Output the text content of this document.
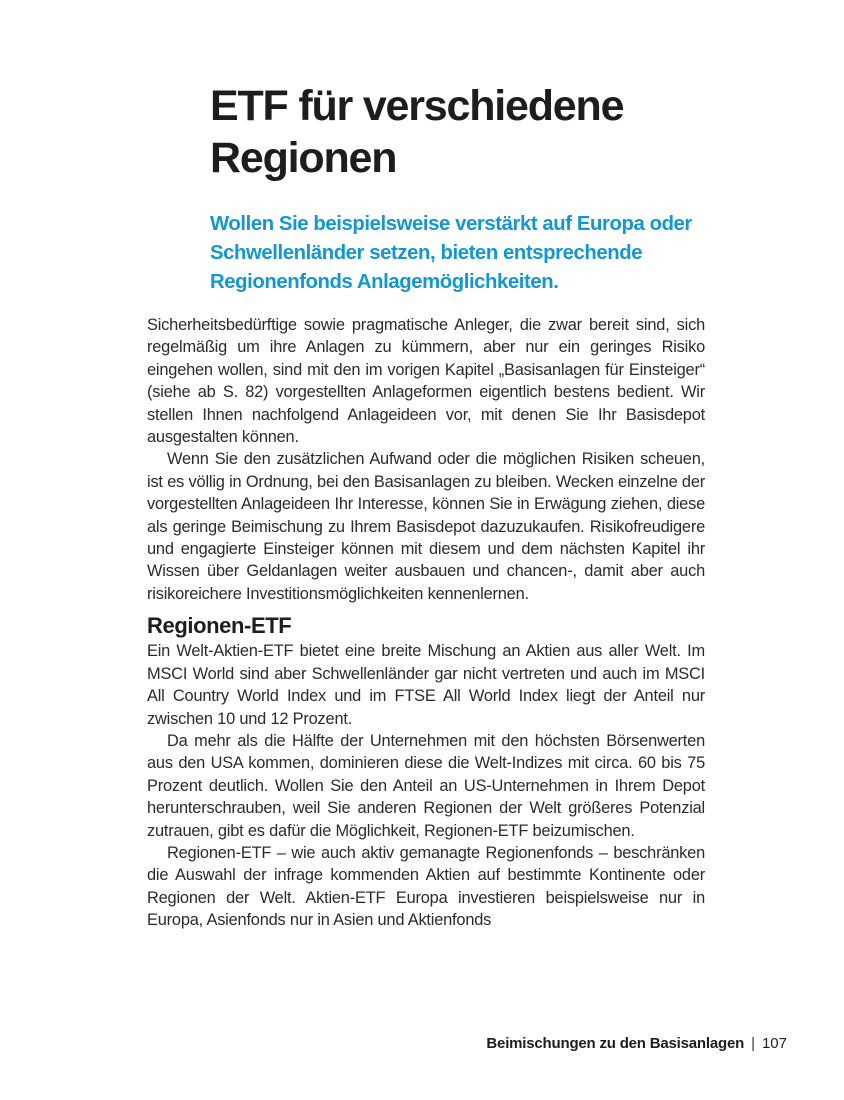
ETF für verschiedene Regionen

Wollen Sie beispielsweise verstärkt auf Europa oder Schwellenländer setzen, bieten entsprechende Regionenfonds Anlagemöglichkeiten.

Sicherheitsbedürftige sowie pragmatische Anleger, die zwar bereit sind, sich regelmäßig um ihre Anlagen zu kümmern, aber nur ein geringes Risiko eingehen wollen, sind mit den im vorigen Kapitel „Basisanlagen für Einsteiger“ (siehe ab S. 82) vorgestellten Anlageformen eigentlich bestens bedient. Wir stellen Ihnen nachfolgend Anlageideen vor, mit denen Sie Ihr Basisdepot ausgestalten können.

Wenn Sie den zusätzlichen Aufwand oder die möglichen Risiken scheuen, ist es völlig in Ordnung, bei den Basisanlagen zu bleiben. Wecken einzelne der vorgestellten Anlageideen Ihr Interesse, können Sie in Erwägung ziehen, diese als geringe Beimischung zu Ihrem Basisdepot dazuzukaufen. Risikofreudigere und engagierte Einsteiger können mit diesem und dem nächsten Kapitel ihr Wissen über Geldanlagen weiter ausbauen und chancen-, damit aber auch risikoreichere Investitionsmöglichkeiten kennenlernen.

Regionen-ETF

Ein Welt-Aktien-ETF bietet eine breite Mischung an Aktien aus aller Welt. Im MSCI World sind aber Schwellenländer gar nicht vertreten und auch im MSCI All Country World Index und im FTSE All World Index liegt der Anteil nur zwischen 10 und 12 Prozent.

Da mehr als die Hälfte der Unternehmen mit den höchsten Börsenwerten aus den USA kommen, dominieren diese die Welt-Indizes mit circa. 60 bis 75 Prozent deutlich. Wollen Sie den Anteil an US-Unternehmen in Ihrem Depot herunterschrauben, weil Sie anderen Regionen der Welt größeres Potenzial zutrauen, gibt es dafür die Möglichkeit, Regionen-ETF beizumischen.

Regionen-ETF – wie auch aktiv gemanagte Regionenfonds – beschränken die Auswahl der infrage kommenden Aktien auf bestimmte Kontinente oder Regionen der Welt. Aktien-ETF Europa investieren beispielsweise nur in Europa, Asienfonds nur in Asien und Aktienfonds

Beimischungen zu den Basisanlagen | 107
